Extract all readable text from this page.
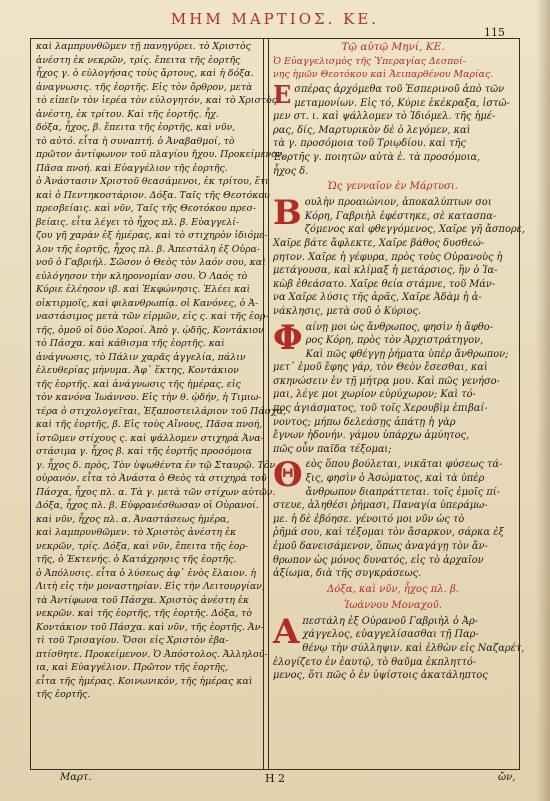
ΜΗΜ ΜΑΡΤΙΟΣ. ΚΕ.
115
καὶ λαμπρυνθῶμεν τῇ πανηγύρει. τὸ Χριστὸς
ἀνέστη ἐκ νεκρῶν, τρίς. ἔπειτα τῆς ἑορτῆς
ἦχος γ. ὁ εὐλογήσας τοὺς ἄρτους, καὶ ἡ δόξα.
ἀναγνωσις. τῆς ἑορτῆς. Εἰς τὸν ὄρθρον, μετὰ
τὸ εἰπεῖν τὸν ἱερέα τὸν εὐλογητόν, καὶ τὸ Χριστὸς
ἀνέστη, ἐκ τρίτου. Καὶ τῆς ἑορτῆς. ἦχ.
δόξα, ἦχος, β. ἔπειτα τῆς ἑορτῆς, καὶ νῦν,
τὸ αὐτό. εἶτα ἡ συναπτή. ὁ Ἀναβαθμοί, τὸ
πρῶτον ἀντίφωνον τοῦ πλαγίου ἤχου. Προκείμενον,
Πᾶσα πνοή. καὶ Εὐαγγέλιον τῆς ἑορτῆς.
ὁ Ἀνάστασιν Χριστοῦ θεασάμενοι, ἐκ τρίτου, ἔτι
καὶ ὁ Πεντηκοστάριον. Δόξα. Ταῖς τῆς Θεοτόκου
πρεσβείαις. καὶ νῦν, Ταῖς τῆς Θεοτόκου πρεσ-
βείαις. εἶτα λέγει τὸ ἦχος πλ. β. Εὐαγγελί-
ζου γῆ χαρὰν ἐξ ἡμέρας, καὶ τὸ στιχηρὸν ἰδιόμε-
λον τῆς ἑορτῆς, ἦχος πλ. β. Ἀπεστάλη ἐξ Οὐρα-
νοῦ ὁ Γαβριήλ. Σῶσον ὁ Θεὸς τὸν λαόν σου, καὶ
εὐλόγησον τὴν κληρονομίαν σου. Ὁ Λαός τὸ
Κύριε ἐλέησον ιβ. καὶ Ἐκφώνησις. Ἐλέει καὶ
οἰκτιρμοῖς, καὶ φιλανθρωπίᾳ. οἱ Κανόνες, ὁ Ἀ-
ναστάσιμος μετὰ τῶν εἱρμῶν, εἰς ς. καὶ τῆς ἑορ-
τῆς, ὁμοῦ οἱ δύο Χοροί. Ἀπὸ γ. ᾠδῆς, Κοντάκιον
τὸ Πάσχα. καὶ κάθισμα τῆς ἑορτῆς. καὶ
ἀνάγνωσις, τὸ Πάλιν χαρᾶς ἀγγελία, πάλιν
ἐλευθερίας μήνυμα. Ἀφ᾽ ἕκτης, Κοντάκιον
τῆς ἑορτῆς. καὶ ἀνάγνωσις τῆς ἡμέρας, εἰς
τὸν κανόνα Ἰωάννου. Εἰς τὴν θ. ᾠδήν, ἡ Τιμιω-
τέρα ὁ στιχολογεῖται, Ἐξαποστειλάριον τοῦ Πάσχα,
καὶ τῆς ἑορτῆς, β. Εἰς τοὺς Αἴνους, Πᾶσα πνοή,
ἱστῶμεν στίχους ς. καὶ ψάλλομεν στιχηρὰ Ἀνα-
στάσιμα γ. ἦχος β. καὶ τῆς ἑορτῆς προσόμοια
γ. ἦχος δ. πρὸς, Τὸν ὑψωθέντα ἐν τῷ Σταυρῷ. Τὸν
οὐρανόν. εἶτα τὸ Ἀνάστα ὁ Θεὸς τὰ στιχηρὰ τοῦ
Πάσχα, ἦχος πλ. α. Τὰ γ. μετὰ τῶν στίχων αὐτῶν.
Δόξα, ἦχος πλ. β. Εὐφρανέσθωσαν οἱ Οὐρανοί.
καὶ νῦν, ἦχος πλ. α. Ἀναστάσεως ἡμέρα,
καὶ λαμπρυνθῶμεν. τὸ Χριστὸς ἀνέστη ἐκ
νεκρῶν, τρίς. Δόξα, καὶ νῦν, ἔπειτα τῆς ἑορ-
τῆς, ὁ Ἐκτενής. ὁ Κατάχρησις τῆς ἑορτῆς.
ὁ Ἀπόλυσις. εἶτα ὁ λύσεως ἀφ᾽ ἑνὸς ἔλαιον. ἡ
Λιτὴ εἰς τὴν μοναστηρίαν. Εἰς τὴν Λειτουργίαν,
τὰ Ἀντίφωνα τοῦ Πάσχα. Χριστὸς ἀνέστη ἐκ
νεκρῶν. καὶ τῆς ἑορτῆς, τῆς ἑορτῆς. Δόξα, τὸ
Κοντάκιον τοῦ Πάσχα. καὶ νῦν, τῆς ἑορτῆς. Ἀν-
τὶ τοῦ Τρισαγίου. Ὅσοι εἰς Χριστὸν ἐβα-
πτίσθητε. Προκείμενον. Ὁ Ἀπόστολος. Ἀλληλού-
ια, καὶ Εὐαγγέλιον. Πρῶτον τῆς ἑορτῆς,
εἶτα τῆς ἡμέρας. Κοινωνικόν, τῆς ἡμέρας καὶ
τῆς ἑορτῆς.
Τῷ αὐτῷ Μηνί, ΚΕ.
Ὁ Εὐαγγελισμὸς τῆς Ὑπεραγίας Δεσποί-
νης ἡμῶν Θεοτόκου καὶ Ἀειπαρθένου Μαρίας.
Ε σπέρας ἀρχόμεθα τοῦ Ἑσπερινοῦ ἀπὸ τῶν
μεταμονίων. Εἰς τό, Κύριε ἐκέκραξα, ἱστῶ-
μεν στ. ι. καὶ ψάλλομεν τὸ Ἰδιόμελ. τῆς ἡμέ-
ρας, δίς, Μαρτυρικὸν δὲ ὁ λεγόμεν, καὶ
τὰ γ. προσόμοια τοῦ Τριῳδίου. καὶ τῆς
Ἑορτῆς γ. ποιητῶν αὐτὰ ἐ. τὰ προσόμοια,
ἦχος δ.
Ὡς γενναῖον ἐν Μάρτυσι.
Β ουλὴν προαιώνιον, ἀποκαλύπτων σοι
Κόρη, Γαβριὴλ ἐφέστηκε, σὲ κατασπα-
ζόμενος καὶ φθεγγόμενος, Χαῖρε γῆ ἄσπορε,
Χαῖρε βάτε ἄφλεκτε, Χαῖρε βάθος δυσθεώ-
ρητον. Χαῖρε ἡ γέφυρα, πρὸς τοὺς Οὐρανοὺς ἡ
μετάγουσα, καὶ κλίμαξ ἡ μετάρσιος, ἣν ὁ Ἰα-
κὼβ ἐθεάσατο. Χαῖρε θεία στάμνε, τοῦ Μάν-
να Χαῖρε λύσις τῆς ἀρᾶς, Χαῖρε Ἀδὰμ ἡ ἀ-
νάκλησις, μετὰ σοῦ ὁ Κύριος.
Φ αίνῃ μοι ὡς ἄνθρωπος, φησὶν ἡ ἄφθο-
ρος Κόρη, πρὸς τὸν Ἀρχιστράτηγον,
Καὶ πῶς φθέγγῃ ῥήματα ὑπὲρ ἄνθρωπον;
μετ᾽ ἐμοῦ ἔφης γάρ, τὸν Θεὸν ἔσεσθαι, καὶ
σκηνώσειν ἐν τῇ μήτρᾳ μου. Καὶ πῶς γενήσο-
μαι, λέγε μοι χωρίον εὐρύχωρον; Καὶ τό-
πος ἁγιάσματος, τοῦ τοῖς Χερουβὶμ ἐπιβαί-
νοντος; μήπω δελεάσῃς ἀπάτῃ ἡ γὰρ
ἔγνων ἡδονήν. γάμου ὑπάρχω ἀμύητος,
πῶς οὖν παῖδα τέξομαι;
Θ εὸς ὅπου βούλεται, νικᾶται φύσεως τά-
ξις, φησὶν ὁ Ἀσώματος, καὶ τὰ ὑπὲρ
ἄνθρωπον διαπράττεται. τοῖς ἐμοῖς πί-
στευε, ἀληθέσι ῥήμασι, Παναγία ὑπεράμω-
με. ἡ δὲ ἐβόησε. γένοιτό μοι νῦν ὡς τὸ
ῥῆμά σου, καὶ τέξομαι τὸν ἄσαρκον, σάρκα ἐξ
ἐμοῦ δανεισάμενον, ὅπως ἀναγάγῃ τὸν ἄν-
θρωπον ὡς μόνος δυνατός, εἰς τὸ ἀρχαῖον
ἀξίωμα, διὰ τῆς συγκράσεως.
Δόξα, καὶ νῦν, ἦχος πλ. β.
Ἰωάννου Μοναχοῦ.
Α πεστάλη ἐξ Οὐρανοῦ Γαβριὴλ ὁ Ἀρ-
χάγγελος, εὐαγγελίσασθαι τῇ Παρ-
θένῳ τὴν σύλληψιν. καὶ ἐλθὼν εἰς Ναζαρέτ,
ἐλογίζετο ἐν ἑαυτῷ, τὸ θαῦμα ἐκπληττό-
μενος, ὅτι πῶς ὁ ἐν ὑψίστοις ἀκατάληπτος
Μαρτ.	Η 2	ὤν,
